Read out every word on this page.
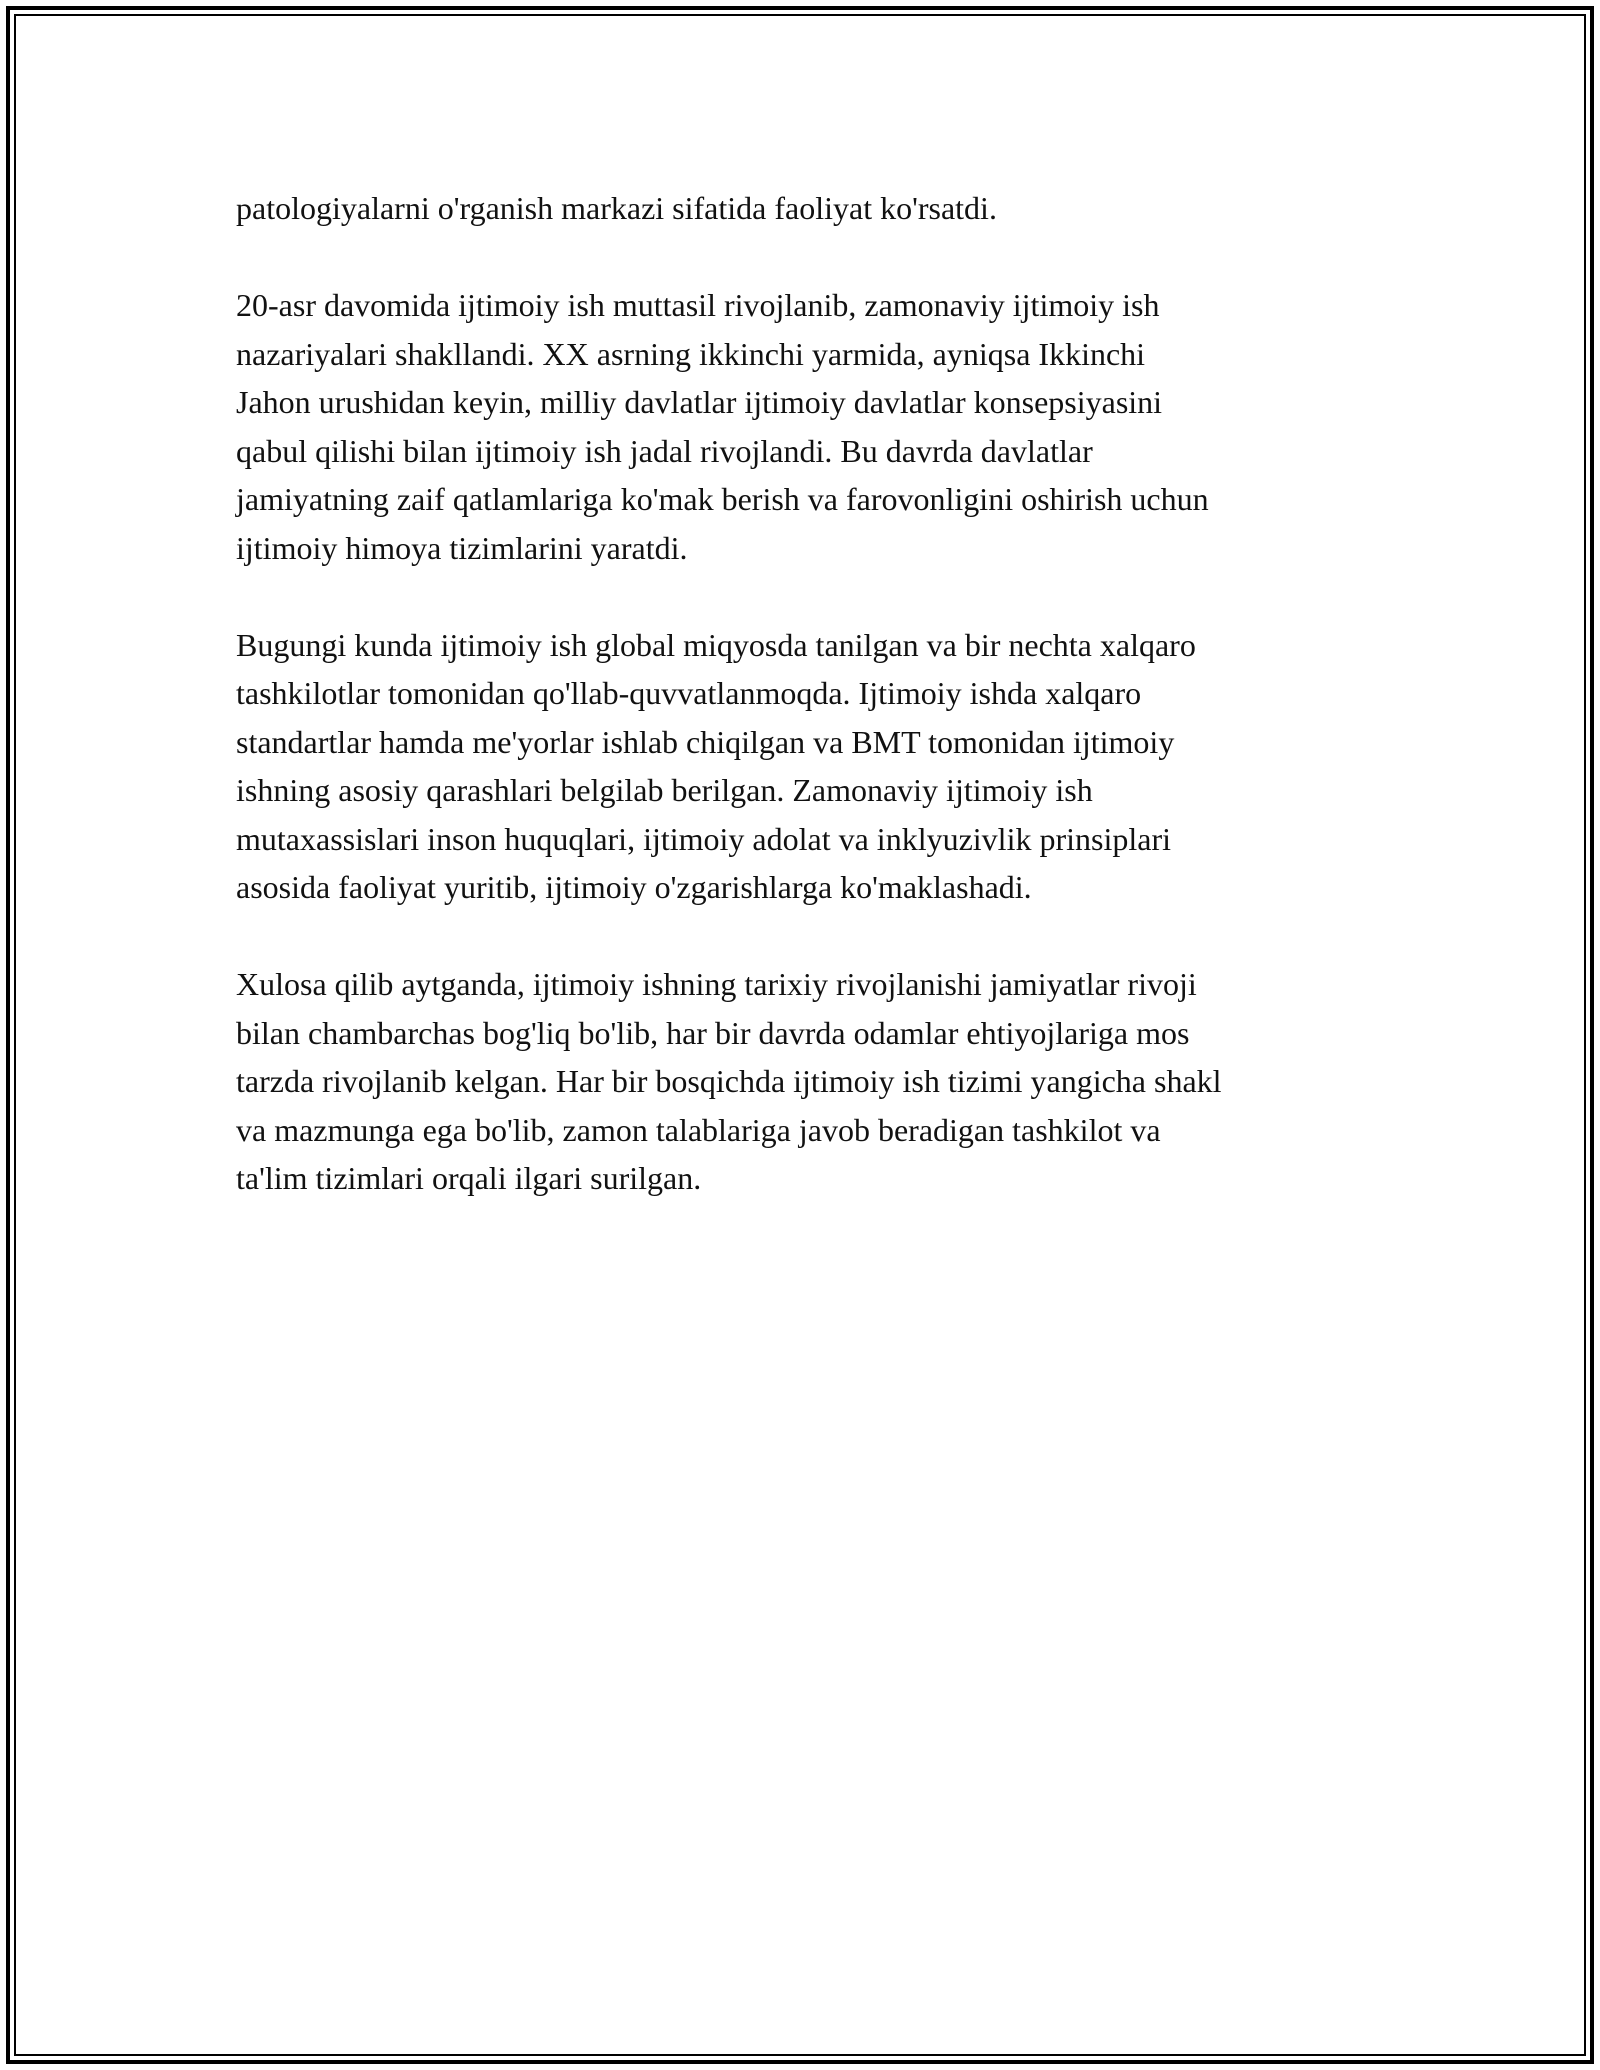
patologiyalarni o'rganish markazi sifatida faoliyat ko'rsatdi.

20-asr davomida ijtimoiy ish muttasil rivojlanib, zamonaviy ijtimoiy ish
nazariyalari shakllandi. XX asrning ikkinchi yarmida, ayniqsa Ikkinchi
Jahon urushidan keyin, milliy davlatlar ijtimoiy davlatlar konsepsiyasini
qabul qilishi bilan ijtimoiy ish jadal rivojlandi. Bu davrda davlatlar
jamiyatning zaif qatlamlariga ko'mak berish va farovonligini oshirish uchun
ijtimoiy himoya tizimlarini yaratdi.

Bugungi kunda ijtimoiy ish global miqyosda tanilgan va bir nechta xalqaro
tashkilotlar tomonidan qo'llab-quvvatlanmoqda. Ijtimoiy ishda xalqaro
standartlar hamda me'yorlar ishlab chiqilgan va BMT tomonidan ijtimoiy
ishning asosiy qarashlari belgilab berilgan. Zamonaviy ijtimoiy ish
mutaxassislari inson huquqlari, ijtimoiy adolat va inklyuzivlik prinsiplari
asosida faoliyat yuritib, ijtimoiy o'zgarishlarga ko'maklashadi.

Xulosa qilib aytganda, ijtimoiy ishning tarixiy rivojlanishi jamiyatlar rivoji
bilan chambarchas bog'liq bo'lib, har bir davrda odamlar ehtiyojlariga mos
tarzda rivojlanib kelgan. Har bir bosqichda ijtimoiy ish tizimi yangicha shakl
va mazmunga ega bo'lib, zamon talablariga javob beradigan tashkilot va
ta'lim tizimlari orqali ilgari surilgan.
